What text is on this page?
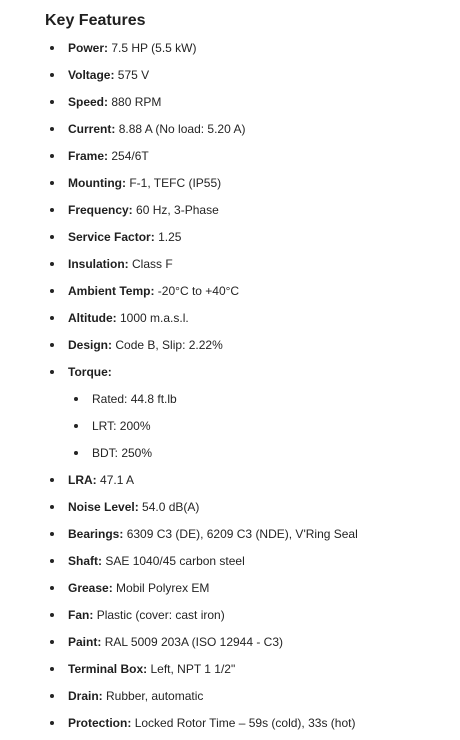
Key Features
Power: 7.5 HP (5.5 kW)
Voltage: 575 V
Speed: 880 RPM
Current: 8.88 A (No load: 5.20 A)
Frame: 254/6T
Mounting: F-1, TEFC (IP55)
Frequency: 60 Hz, 3-Phase
Service Factor: 1.25
Insulation: Class F
Ambient Temp: -20°C to +40°C
Altitude: 1000 m.a.s.l.
Design: Code B, Slip: 2.22%
Torque:
Rated: 44.8 ft.lb
LRT: 200%
BDT: 250%
LRA: 47.1 A
Noise Level: 54.0 dB(A)
Bearings: 6309 C3 (DE), 6209 C3 (NDE), V'Ring Seal
Shaft: SAE 1040/45 carbon steel
Grease: Mobil Polyrex EM
Fan: Plastic (cover: cast iron)
Paint: RAL 5009 203A (ISO 12944 - C3)
Terminal Box: Left, NPT 1 1/2"
Drain: Rubber, automatic
Protection: Locked Rotor Time – 59s (cold), 33s (hot)
